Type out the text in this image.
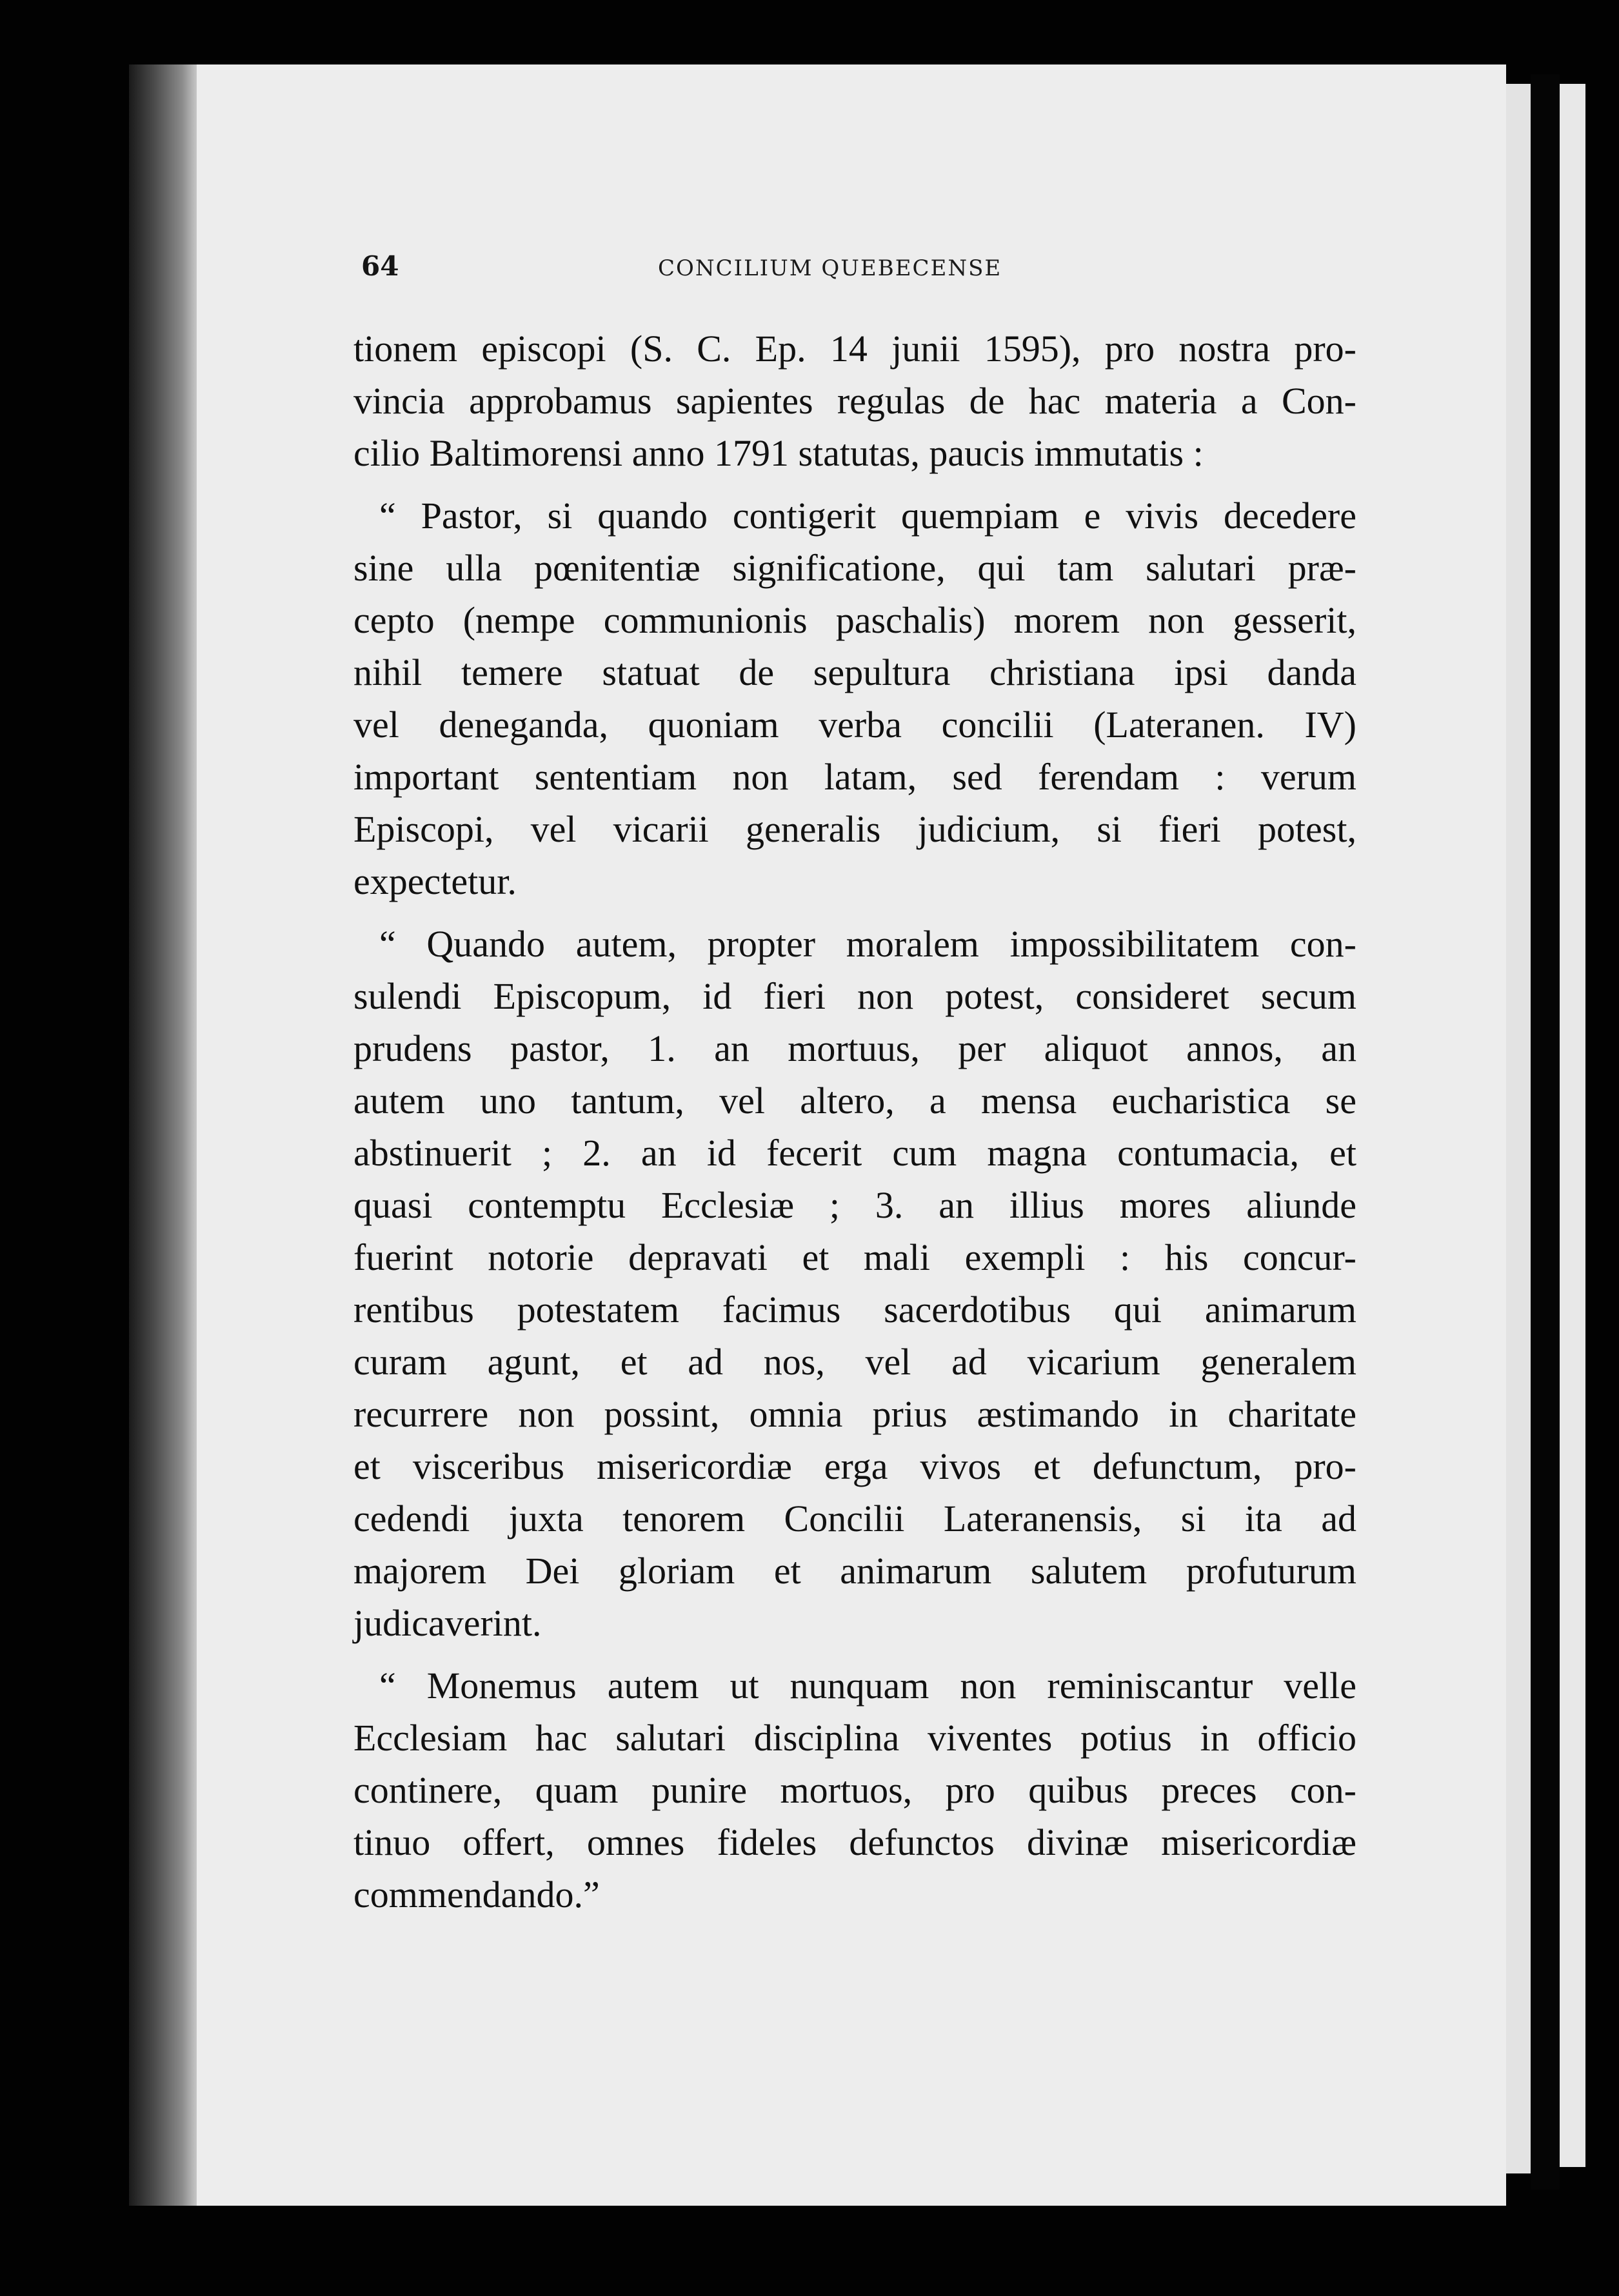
64	CONCILIUM QUEBECENSE
tionem episcopi (S. C. Ep. 14 junii 1595), pro nostra pro-
vincia approbamus sapientes regulas de hac materia a Con-
cilio Baltimorensi anno 1791 statutas, paucis immutatis :
“ Pastor, si quando contigerit quempiam e vivis decedere
sine ulla pœnitentiæ significatione, qui tam salutari præ-
cepto (nempe communionis paschalis) morem non gesserit,
nihil temere statuat de sepultura christiana ipsi danda
vel deneganda, quoniam verba concilii (Lateranen. IV)
important sententiam non latam, sed ferendam : verum
Episcopi, vel vicarii generalis judicium, si fieri potest,
expectetur.
“ Quando autem, propter moralem impossibilitatem con-
sulendi Episcopum, id fieri non potest, consideret secum
prudens pastor, 1. an mortuus, per aliquot annos, an
autem uno tantum, vel altero, a mensa eucharistica se
abstinuerit ; 2. an id fecerit cum magna contumacia, et
quasi contemptu Ecclesiæ ; 3. an illius mores aliunde
fuerint notorie depravati et mali exempli : his concur-
rentibus potestatem facimus sacerdotibus qui animarum
curam agunt, et ad nos, vel ad vicarium generalem
recurrere non possint, omnia prius æstimando in charitate
et visceribus misericordiæ erga vivos et defunctum, pro-
cedendi juxta tenorem Concilii Lateranensis, si ita ad
majorem Dei gloriam et animarum salutem profuturum
judicaverint.
“ Monemus autem ut nunquam non reminiscantur velle
Ecclesiam hac salutari disciplina viventes potius in officio
continere, quam punire mortuos, pro quibus preces con-
tinuo offert, omnes fideles defunctos divinæ misericordiæ
commendando.”
